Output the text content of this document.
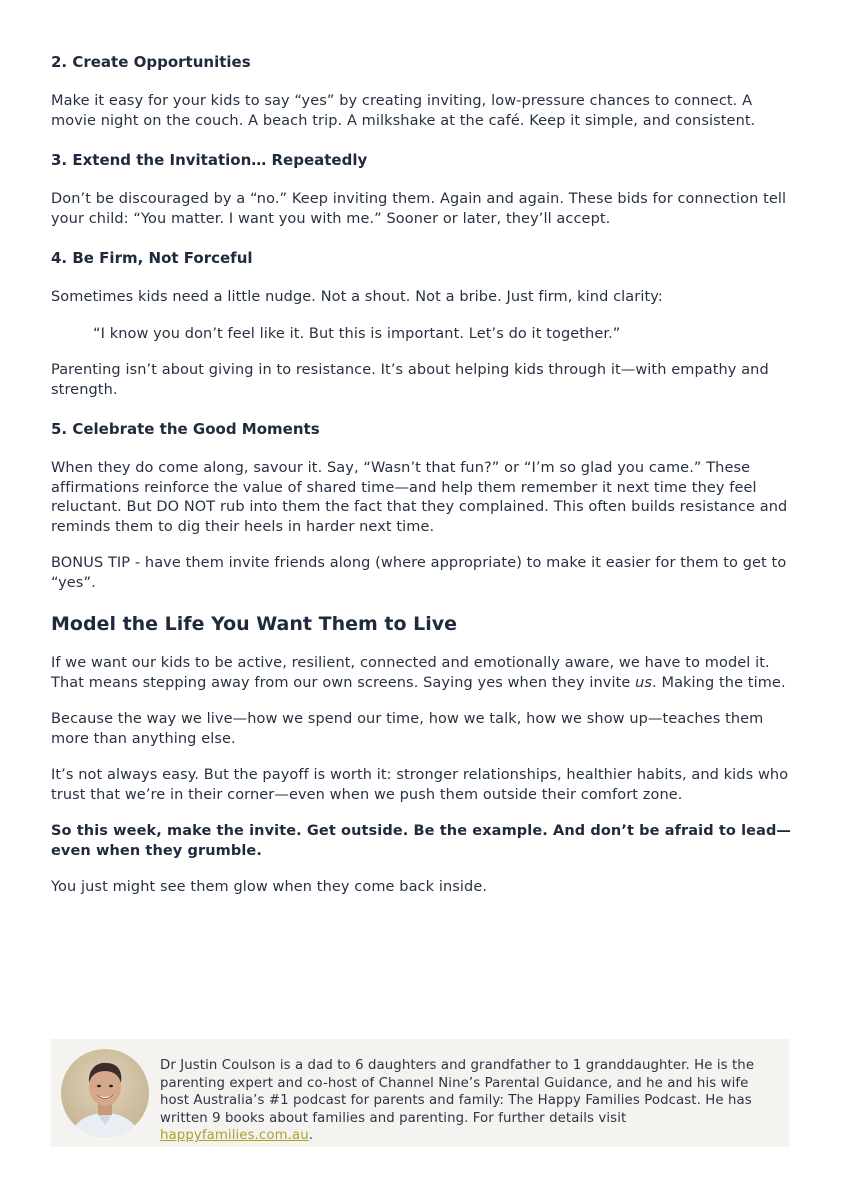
2. Create Opportunities

Make it easy for your kids to say “yes” by creating inviting, low-pressure chances to connect. A movie night on the couch. A beach trip. A milkshake at the café. Keep it simple, and consistent.

3. Extend the Invitation… Repeatedly

Don’t be discouraged by a “no.” Keep inviting them. Again and again. These bids for connection tell your child: “You matter. I want you with me.” Sooner or later, they’ll accept.

4. Be Firm, Not Forceful

Sometimes kids need a little nudge. Not a shout. Not a bribe. Just firm, kind clarity:

“I know you don’t feel like it. But this is important. Let’s do it together.”

Parenting isn’t about giving in to resistance. It’s about helping kids through it—with empathy and strength.

5. Celebrate the Good Moments

When they do come along, savour it. Say, “Wasn’t that fun?” or “I’m so glad you came.” These affirmations reinforce the value of shared time—and help them remember it next time they feel reluctant. But DO NOT rub into them the fact that they complained. This often builds resistance and reminds them to dig their heels in harder next time.

BONUS TIP - have them invite friends along (where appropriate) to make it easier for them to get to “yes”.

Model the Life You Want Them to Live

If we want our kids to be active, resilient, connected and emotionally aware, we have to model it. That means stepping away from our own screens. Saying yes when they invite us. Making the time.

Because the way we live—how we spend our time, how we talk, how we show up—teaches them more than anything else.

It’s not always easy. But the payoff is worth it: stronger relationships, healthier habits, and kids who trust that we’re in their corner—even when we push them outside their comfort zone.

So this week, make the invite. Get outside. Be the example. And don’t be afraid to lead—even when they grumble.

You just might see them glow when they come back inside.

Dr Justin Coulson is a dad to 6 daughters and grandfather to 1 granddaughter. He is the parenting expert and co-host of Channel Nine’s Parental Guidance, and he and his wife host Australia’s #1 podcast for parents and family: The Happy Families Podcast. He has written 9 books about families and parenting. For further details visit happyfamilies.com.au.
